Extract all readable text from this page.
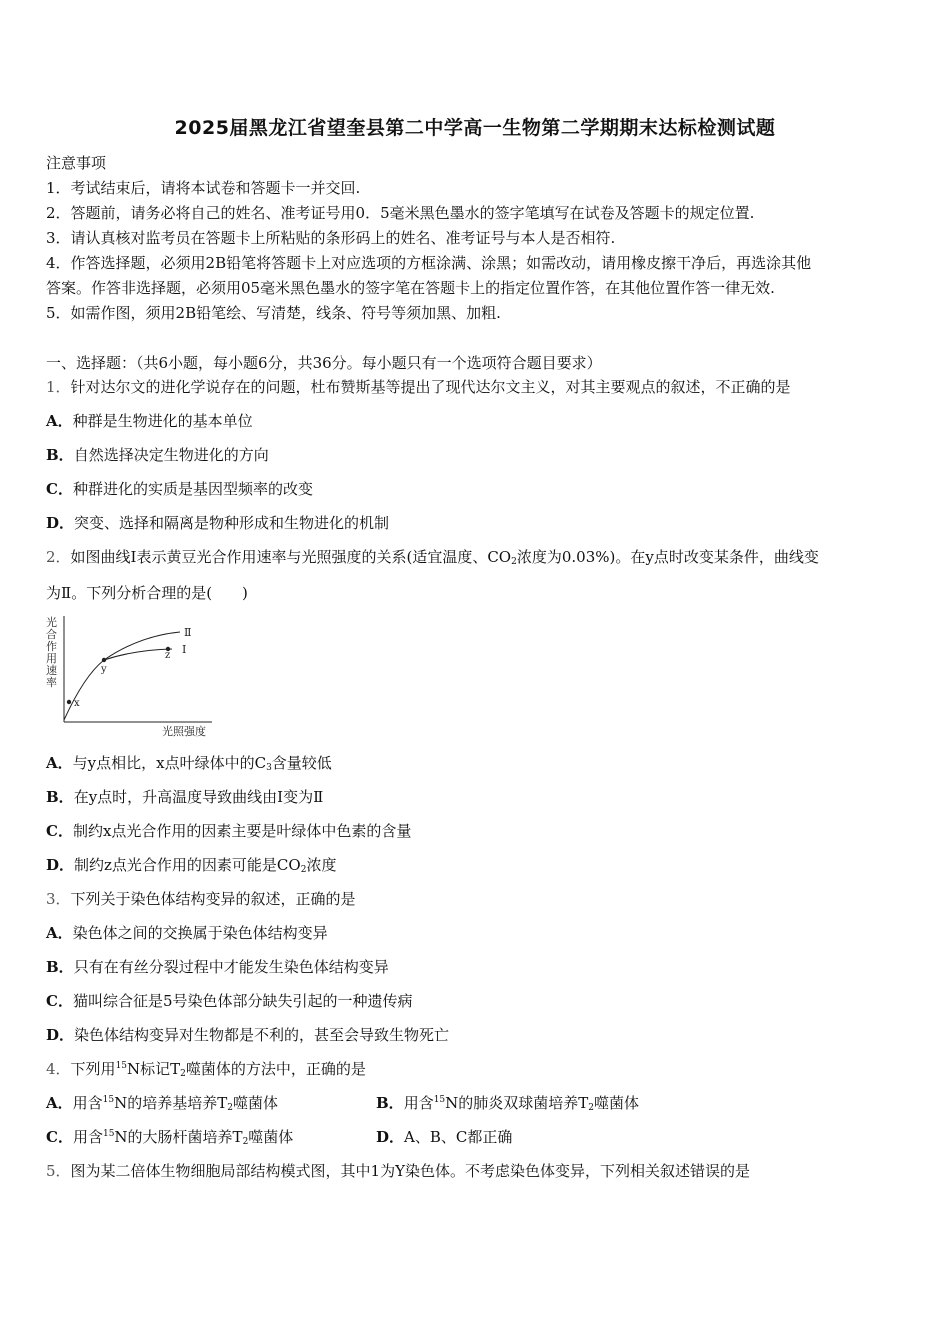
2025届黑龙江省望奎县第二中学高一生物第二学期期末达标检测试题
注意事项
1．考试结束后，请将本试卷和答题卡一并交回.
2．答题前，请务必将自己的姓名、准考证号用0．5毫米黑色墨水的签字笔填写在试卷及答题卡的规定位置.
3．请认真核对监考员在答题卡上所粘贴的条形码上的姓名、准考证号与本人是否相符.
4．作答选择题，必须用2B铅笔将答题卡上对应选项的方框涂满、涂黑；如需改动，请用橡皮擦干净后，再选涂其他
答案。作答非选择题，必须用05毫米黑色墨水的签字笔在答题卡上的指定位置作答，在其他位置作答一律无效.
5．如需作图，须用2B铅笔绘、写清楚，线条、符号等须加黑、加粗.
一、选择题：（共6小题，每小题6分，共36分。每小题只有一个选项符合题目要求）
1．针对达尔文的进化学说存在的问题，杜布赞斯基等提出了现代达尔文主义，对其主要观点的叙述，不正确的是
A．种群是生物进化的基本单位
B．自然选择决定生物进化的方向
C．种群进化的实质是基因型频率的改变
D．突变、选择和隔离是物种形成和生物进化的机制
2．如图曲线Ⅰ表示黄豆光合作用速率与光照强度的关系(适宜温度、$CO_2$浓度为0.03%)。在y点时改变某条件，曲线变
为Ⅱ。下列分析合理的是(　　)
光
合
作
用
速
率
光照强度
Ⅱ
Ⅰ
x
y
z
A．与y点相比，x点叶绿体中的$C_3$含量较低
B．在y点时，升高温度导致曲线由Ⅰ变为Ⅱ
C．制约x点光合作用的因素主要是叶绿体中色素的含量
D．制约z点光合作用的因素可能是$CO_2$浓度
3．下列关于染色体结构变异的叙述，正确的是
A．染色体之间的交换属于染色体结构变异
B．只有在有丝分裂过程中才能发生染色体结构变异
C．猫叫综合征是5号染色体部分缺失引起的一种遗传病
D．染色体结构变异对生物都是不利的，甚至会导致生物死亡
4．下列用$^{15}$N标记$T_2$噬菌体的方法中，正确的是
A．用含$^{15}$N的培养基培养$T_2$噬菌体	B．用含$^{15}$N的肺炎双球菌培养$T_2$噬菌体
C．用含$^{15}$N的大肠杆菌培养$T_2$噬菌体	D．A、B、C都正确
5．图为某二倍体生物细胞局部结构模式图，其中1为Y染色体。不考虑染色体变异，下列相关叙述错误的是
